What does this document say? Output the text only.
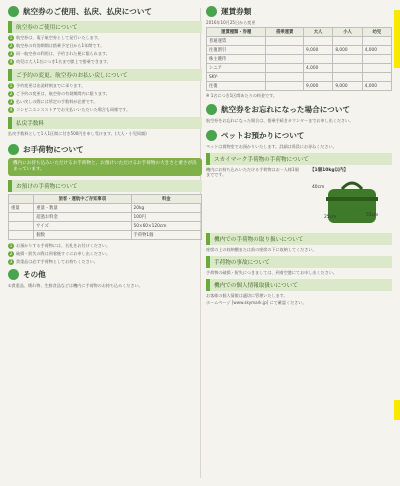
航空券のご使用、払戻、払戻について
航空券のご使用について

1 航空券は、電子航空券として発行いたします。

2 航空券の有効期間は搭乗予定日から1年間です。

3 同一航空券の利用は、予約された便に限られます。

4 幼児は大人1名につき1名まで膝上で搭乗できます。

ご予約の変更、航空券のお払い戻しについて

1 予約変更は出発時刻までに承ります。

2 ご予約の変更は、航空券の有効期間内に限ります。

3 払い戻しの際には所定の手数料が必要です。

4 コンビニエンスストアでお支払いいただいた場合も同様です。

払戻手数料

払戻手数料として1人1区間に付き500円を申し受けます。(大人・小児同額)

お手荷物について
機内にお持ち込みいただけるお手荷物と、お預けいただけるお手荷物の大きさと重さが決まっています。
お預けの手荷物について
	旅客・運航中ご存知事項	料金
重量	重量・数量	20kg
	超過お料金	100円
	サイズ	50×60×120cm
	個数	手荷物1個

1 お預かりする手荷物には、名札をお付けください。

2 破損・紛失の際は到着後すぐにお申し出ください。

3 貴重品は必ず手荷物としてお持ちください。

その他

①貴重品、壊れ物、生鮮食品などは機内に手荷物のお持ち込みください。

運賃券類

2016年10月25日から変更

運賃種類・券種	搭乗運賃	大人	小人	幼児
普通運賃				
往復割引		9,000	8,000	4,000
株主優待				
シニア		4,000		
SKY-				
往復		9,000	9,000	4,000

※ 1名につき1区間あたりの料金です。

航空券をお忘れになった場合について

航空券をお忘れになった場合は、搭乗手続きカウンターまでお申し出ください。

ペットお預かりについて

ペットは貨物室でお預かりいたします。詳細は係員にお尋ねください。

スカイマーク手荷物の手荷物について

機内にお持ち込みいただける手荷物はお一人様1個までです。

【1個10kg以内】
25cm	55cm
40cm
機内での手荷物の取り扱いについて

座席の上の収納棚または前の座席の下に収納してください。

手荷物の事故について

手荷物の破損・紛失につきましては、到着空港にてお申し出ください。

機内での個人情報取扱いについて

お客様の個人情報は適切に管理いたします。

ホームページ [www.skymark.jp] にて確認ください。
